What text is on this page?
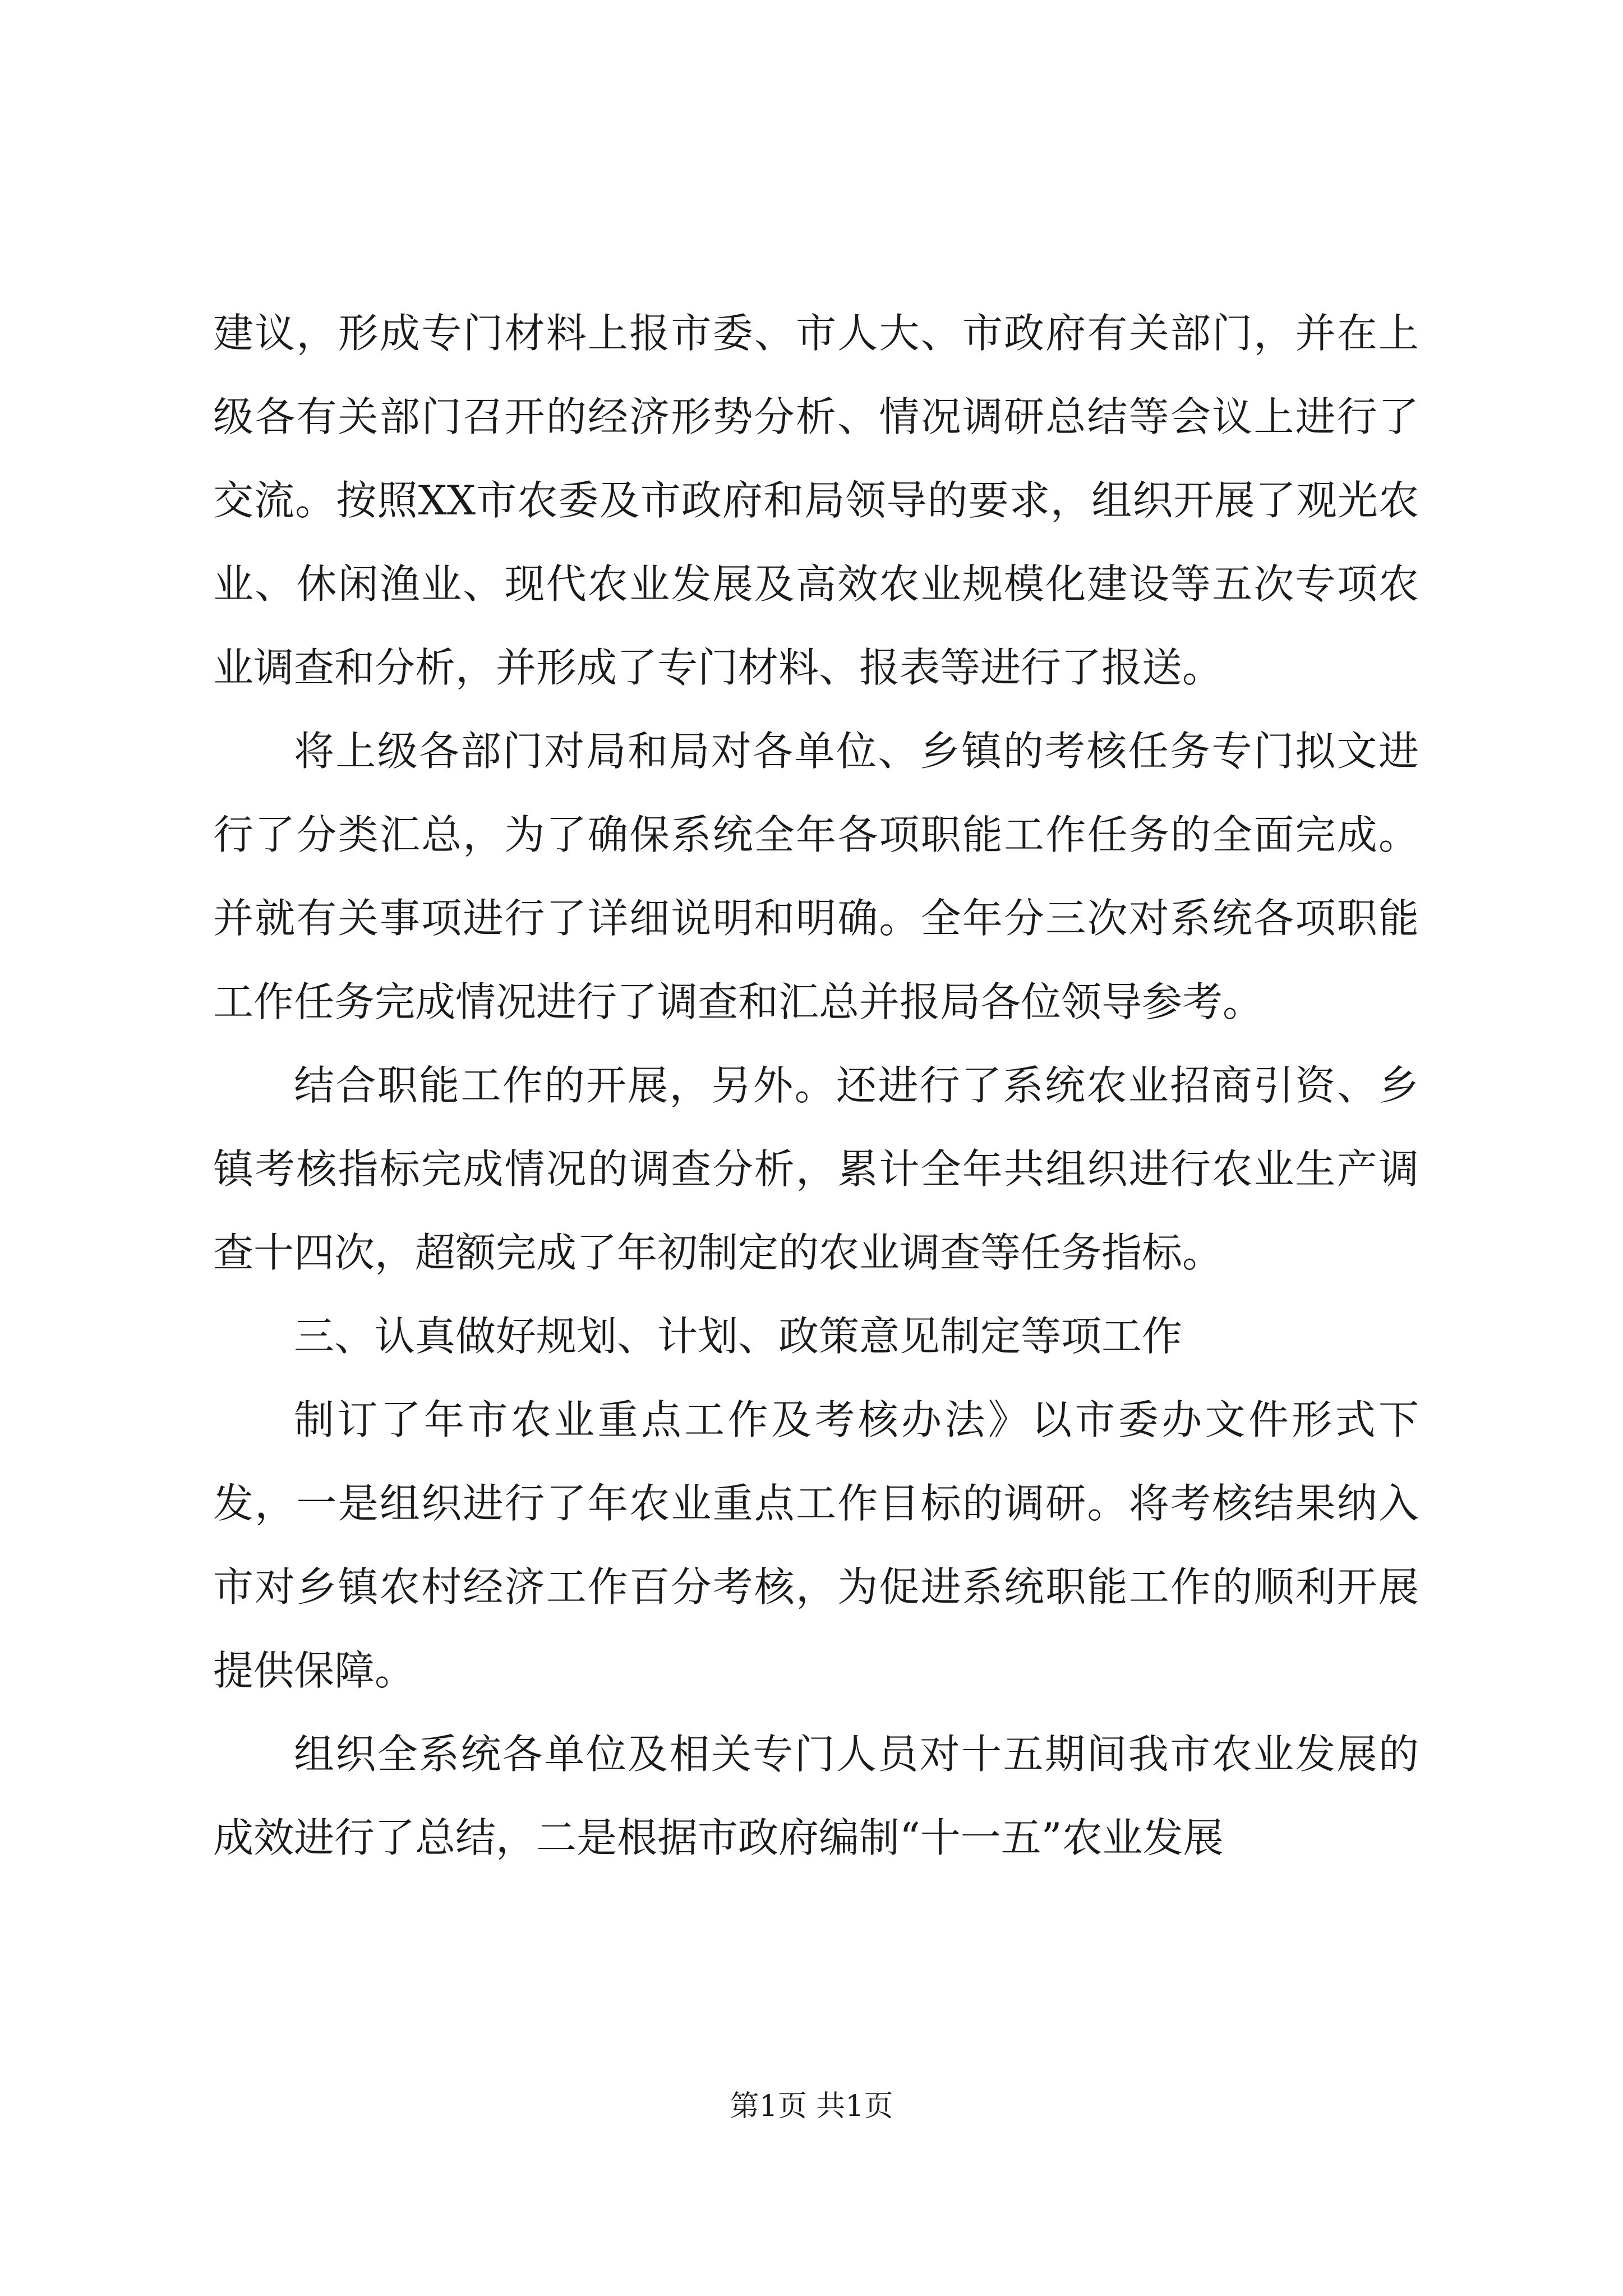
建议，形成专门材料上报市委、市人大、市政府有关部门，并在上级各有关部门召开的经济形势分析、情况调研总结等会议上进行了交流。按照XX市农委及市政府和局领导的要求，组织开展了观光农业、休闲渔业、现代农业发展及高效农业规模化建设等五次专项农业调查和分析，并形成了专门材料、报表等进行了报送。

将上级各部门对局和局对各单位、乡镇的考核任务专门拟文进行了分类汇总，为了确保系统全年各项职能工作任务的全面完成。并就有关事项进行了详细说明和明确。全年分三次对系统各项职能工作任务完成情况进行了调查和汇总并报局各位领导参考。

结合职能工作的开展，另外。还进行了系统农业招商引资、乡镇考核指标完成情况的调查分析，累计全年共组织进行农业生产调查十四次，超额完成了年初制定的农业调查等任务指标。

三、认真做好规划、计划、政策意见制定等项工作

制订了年市农业重点工作及考核办法》以市委办文件形式下发，一是组织进行了年农业重点工作目标的调研。将考核结果纳入市对乡镇农村经济工作百分考核，为促进系统职能工作的顺利开展提供保障。

组织全系统各单位及相关专门人员对十五期间我市农业发展的成效进行了总结，二是根据市政府编制“十一五”农业发展

第1页 共1页
